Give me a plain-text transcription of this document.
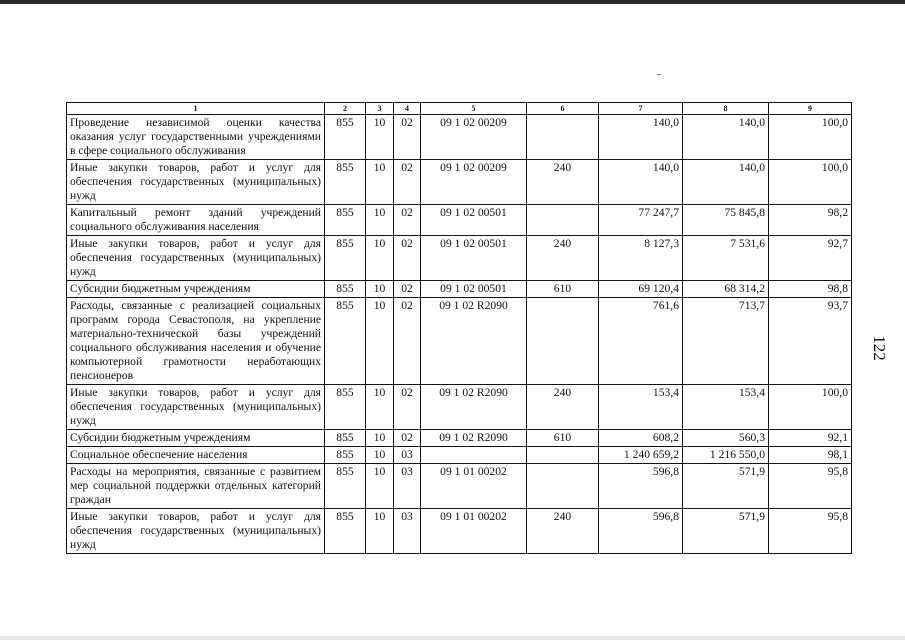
1	2	3	4	5	6	7	8	9
Проведение независимой оценки качества оказания услуг государственными учреждениями в сфере социального обслуживания	855	10	02	09 1 02 00209		140,0	140,0	100,0
Иные закупки товаров, работ и услуг для обеспечения государственных (муниципальных) нужд	855	10	02	09 1 02 00209	240	140,0	140,0	100,0
Капитальный ремонт зданий учреждений социального обслуживания населения	855	10	02	09 1 02 00501		77 247,7	75 845,8	98,2
Иные закупки товаров, работ и услуг для обеспечения государственных (муниципальных) нужд	855	10	02	09 1 02 00501	240	8 127,3	7 531,6	92,7
Субсидии бюджетным учреждениям	855	10	02	09 1 02 00501	610	69 120,4	68 314,2	98,8
Расходы, связанные с реализацией социальных программ города Севастополя, на укрепление материально-технической базы учреждений социального обслуживания населения и обучение компьютерной грамотности неработающих пенсионеров	855	10	02	09 1 02 R2090		761,6	713,7	93,7
Иные закупки товаров, работ и услуг для обеспечения государственных (муниципальных) нужд	855	10	02	09 1 02 R2090	240	153,4	153,4	100,0
Субсидии бюджетным учреждениям	855	10	02	09 1 02 R2090	610	608,2	560,3	92,1
Социальное обеспечение населения	855	10	03			1 240 659,2	1 216 550,0	98,1
Расходы на мероприятия, связанные с развитием мер социальной поддержки отдельных категорий граждан	855	10	03	09 1 01 00202		596,8	571,9	95,8
Иные закупки товаров, работ и услуг для обеспечения государственных (муниципальных) нужд	855	10	03	09 1 01 00202	240	596,8	571,9	95,8
122
